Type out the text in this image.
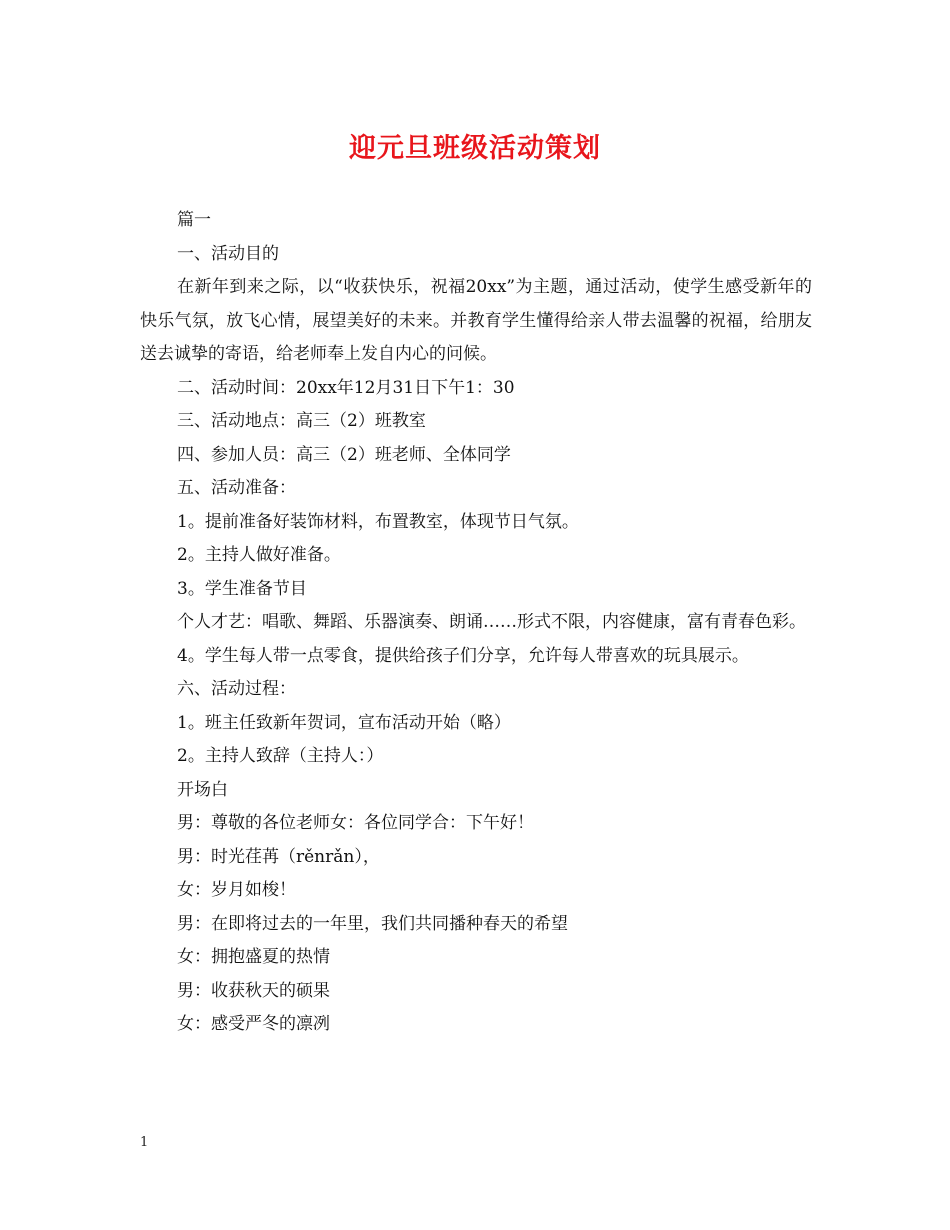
迎元旦班级活动策划

篇一

一、活动目的

在新年到来之际，以“收获快乐，祝福20xx”为主题，通过活动，使学生感受新年的快乐气氛，放飞心情，展望美好的未来。并教育学生懂得给亲人带去温馨的祝福，给朋友送去诚挚的寄语，给老师奉上发自内心的问候。

二、活动时间：20xx年12月31日下午1：30

三、活动地点：高三（2）班教室

四、参加人员：高三（2）班老师、全体同学

五、活动准备：

1。提前准备好装饰材料，布置教室，体现节日气氛。

2。主持人做好准备。

3。学生准备节目

个人才艺：唱歌、舞蹈、乐器演奏、朗诵……形式不限，内容健康，富有青春色彩。

4。学生每人带一点零食，提供给孩子们分享，允许每人带喜欢的玩具展示。

六、活动过程：

1。班主任致新年贺词，宣布活动开始（略）

2。主持人致辞（主持人：）

开场白

男：尊敬的各位老师女：各位同学合：下午好！

男：时光荏苒（rěnrǎn），

女：岁月如梭！

男：在即将过去的一年里，我们共同播种春天的希望

女：拥抱盛夏的热情

男：收获秋天的硕果

女：感受严冬的凛冽

1
